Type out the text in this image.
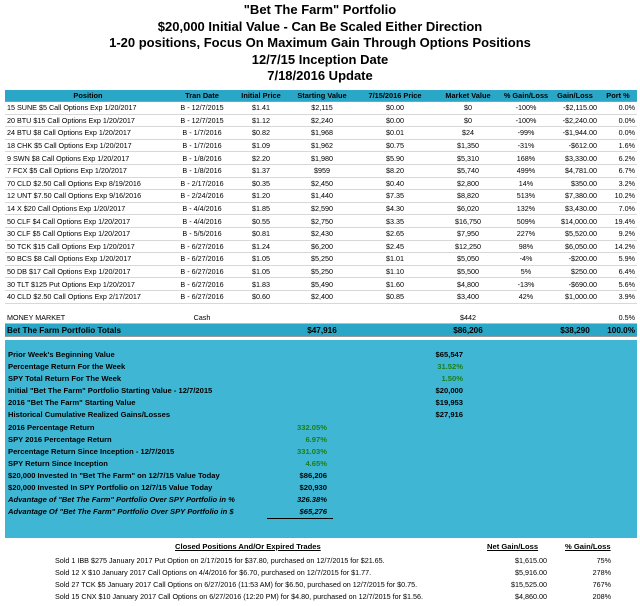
"Bet The Farm" Portfolio
$20,000 Initial Value - Can Be Scaled Either Direction
1-20 positions, Focus On Maximum Gain Through Options Positions
12/7/15 Inception Date
7/18/2016 Update
Position	Tran Date	Initial Price	Starting Value	7/15/2016 Price	Market Value	% Gain/Loss	Gain/Loss	Port %
15 SUNE $5 Call Options Exp 1/20/2017	B - 12/7/2015	$1.41	$2,115	$0.00	$0	-100%	-$2,115.00	0.0%
20 BTU $15 Call Options Exp 1/20/2017	B - 12/7/2015	$1.12	$2,240	$0.00	$0	-100%	-$2,240.00	0.0%
24 BTU $8 Call Options Exp 1/20/2017	B - 1/7/2016	$0.82	$1,968	$0.01	$24	-99%	-$1,944.00	0.0%
18 CHK $5 Call Options Exp 1/20/2017	B - 1/7/2016	$1.09	$1,962	$0.75	$1,350	-31%	-$612.00	1.6%
9 SWN $8 Call Options Exp 1/20/2017	B - 1/8/2016	$2.20	$1,980	$5.90	$5,310	168%	$3,330.00	6.2%
7 FCX $5 Call Options Exp 1/20/2017	B - 1/8/2016	$1.37	$959	$8.20	$5,740	499%	$4,781.00	6.7%
70 CLD $2.50 Call Options Exp 8/19/2016	B - 2/17/2016	$0.35	$2,450	$0.40	$2,800	14%	$350.00	3.2%
12 UNT $7.50 Call Options Exp 9/16/2016	B - 2/24/2016	$1.20	$1,440	$7.35	$8,820	513%	$7,380.00	10.2%
14 X $20 Call Options Exp 1/20/2017	B - 4/4/2016	$1.85	$2,590	$4.30	$6,020	132%	$3,430.00	7.0%
50 CLF $4 Call Options Exp 1/20/2017	B - 4/4/2016	$0.55	$2,750	$3.35	$16,750	509%	$14,000.00	19.4%
30 CLF $5 Call Options Exp 1/20/2017	B - 5/5/2016	$0.81	$2,430	$2.65	$7,950	227%	$5,520.00	9.2%
50 TCK $15 Call Options Exp 1/20/2017	B - 6/27/2016	$1.24	$6,200	$2.45	$12,250	98%	$6,050.00	14.2%
50 BCS $8 Call Options Exp 1/20/2017	B - 6/27/2016	$1.05	$5,250	$1.01	$5,050	-4%	-$200.00	5.9%
50 DB $17 Call Options Exp 1/20/2017	B - 6/27/2016	$1.05	$5,250	$1.10	$5,500	5%	$250.00	6.4%
30 TLT $125 Put Options Exp 1/20/2017	B - 6/27/2016	$1.83	$5,490	$1.60	$4,800	-13%	-$690.00	5.6%
40 CLD $2.50 Call Options Exp 2/17/2017	B - 6/27/2016	$0.60	$2,400	$0.85	$3,400	42%	$1,000.00	3.9%

MONEY MARKET	Cash				$442			0.5%
Bet The Farm Portfolio Totals			$47,916		$86,206		$38,290	100.0%
Prior Week's Beginning Value	$65,547
Percentage Return For the Week	31.52%
SPY Total Return For The Week	1.50%
Initial "Bet The Farm" Portfolio Starting Value - 12/7/2015	$20,000
2016 "Bet The Farm" Starting Value	$19,953
Historical Cumulative Realized Gains/Losses	$27,916
2016 Percentage Return	332.05%
SPY 2016 Percentage Return	6.97%
Percentage Return Since Inception - 12/7/2015	331.03%
SPY Return Since Inception	4.65%
$20,000 Invested In "Bet The Farm" on 12/7/15 Value Today	$86,206
$20,000 Invested In SPY Portfolio on 12/7/15 Value Today	$20,930
Advantage of "Bet The Farm" Portfolio Over SPY Portfolio in %	326.38%
Advantage Of "Bet The Farm" Portfolio Over SPY Portfolio in $	$65,276
Closed Positions And/Or Expired Trades	Net Gain/Loss	% Gain/Loss
Sold 1 IBB $275 January 2017 Put Option on 2/17/2015 for $37.80, purchased on 12/7/2015 for $21.65.	$1,615.00	75%
Sold 12 X $10 January 2017 Call Options on 4/4/2016 for $6.70, purchased on 12/7/2015 for $1.77.	$5,916.00	278%
Sold 27 TCK $5 January 2017 Call Options on 6/27/2016 (11:53 AM) for $6.50, purchased on 12/7/2015 for $0.75.	$15,525.00	767%
Sold 15 CNX $10 January 2017 Call Options on 6/27/2016 (12:20 PM) for $4.80, purchased on 12/7/2015 for $1.56.	$4,860.00	208%
